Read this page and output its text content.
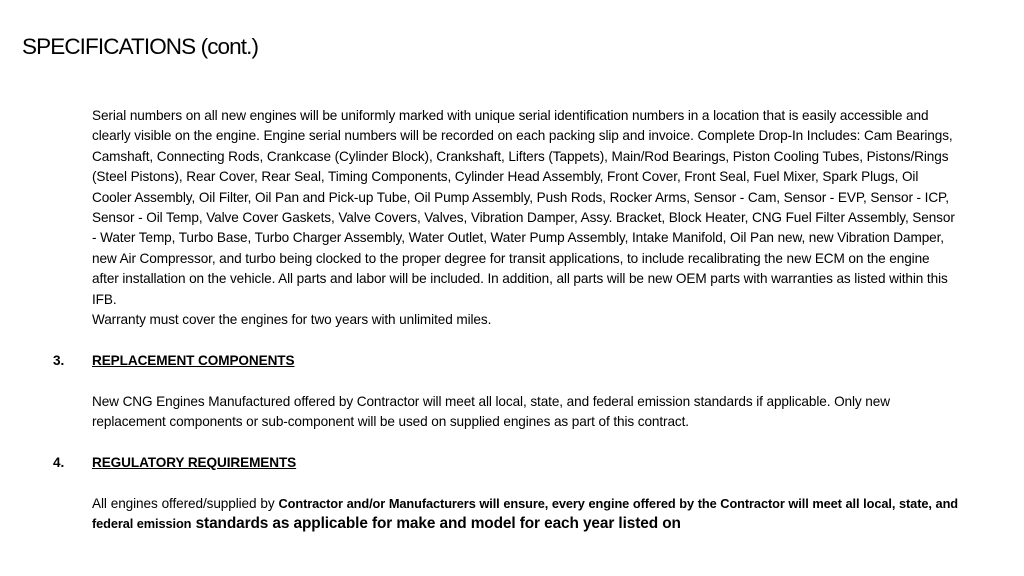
SPECIFICATIONS (cont.)

Serial numbers on all new engines will be uniformly marked with unique serial identification numbers in a location that is easily accessible and clearly visible on the engine. Engine serial numbers will be recorded on each packing slip and invoice. Complete Drop-In Includes: Cam Bearings, Camshaft, Connecting Rods, Crankcase (Cylinder Block), Crankshaft, Lifters (Tappets), Main/Rod Bearings, Piston Cooling Tubes, Pistons/Rings (Steel Pistons), Rear Cover, Rear Seal, Timing Components, Cylinder Head Assembly, Front Cover, Front Seal, Fuel Mixer, Spark Plugs, Oil Cooler Assembly, Oil Filter, Oil Pan and Pick-up Tube, Oil Pump Assembly, Push Rods, Rocker Arms, Sensor - Cam, Sensor - EVP, Sensor - ICP, Sensor - Oil Temp, Valve Cover Gaskets, Valve Covers, Valves, Vibration Damper, Assy. Bracket, Block Heater, CNG Fuel Filter Assembly, Sensor - Water Temp, Turbo Base, Turbo Charger Assembly, Water Outlet, Water Pump Assembly, Intake Manifold, Oil Pan new, new Vibration Damper, new Air Compressor, and turbo being clocked to the proper degree for transit applications, to include recalibrating the new ECM on the engine after installation on the vehicle. All parts and labor will be included. In addition, all parts will be new OEM parts with warranties as listed within this IFB.

Warranty must cover the engines for two years with unlimited miles.

3. REPLACEMENT COMPONENTS

New CNG Engines Manufactured offered by Contractor will meet all local, state, and federal emission standards if applicable. Only new replacement components or sub-component will be used on supplied engines as part of this contract.

4. REGULATORY REQUIREMENTS

All engines offered/supplied by Contractor and/or Manufacturers will ensure, every engine offered by the Contractor will meet all local, state, and federal emission standards as applicable for make and model for each year listed on
